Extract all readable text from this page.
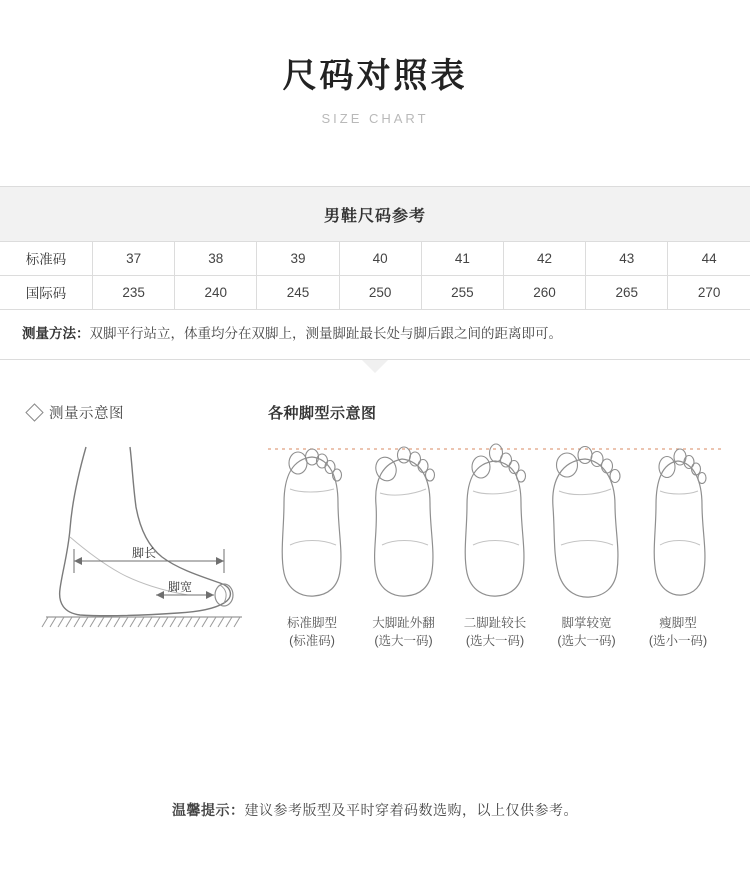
尺码对照表
SIZE CHART
男鞋尺码参考
标准码	37	38	39	40	41	42	43	44
国际码	235	240	245	250	255	260	265	270
测量方法：双脚平行站立，体重均分在双脚上，测量脚趾最长处与脚后跟之间的距离即可。
测量示意图
脚长
脚宽
各种脚型示意图
标准脚型
(标准码)
大脚趾外翻
(选大一码)
二脚趾较长
(选大一码)
脚掌较宽
(选大一码)
瘦脚型
(选小一码)
温馨提示：建议参考版型及平时穿着码数选购，以上仅供参考。
